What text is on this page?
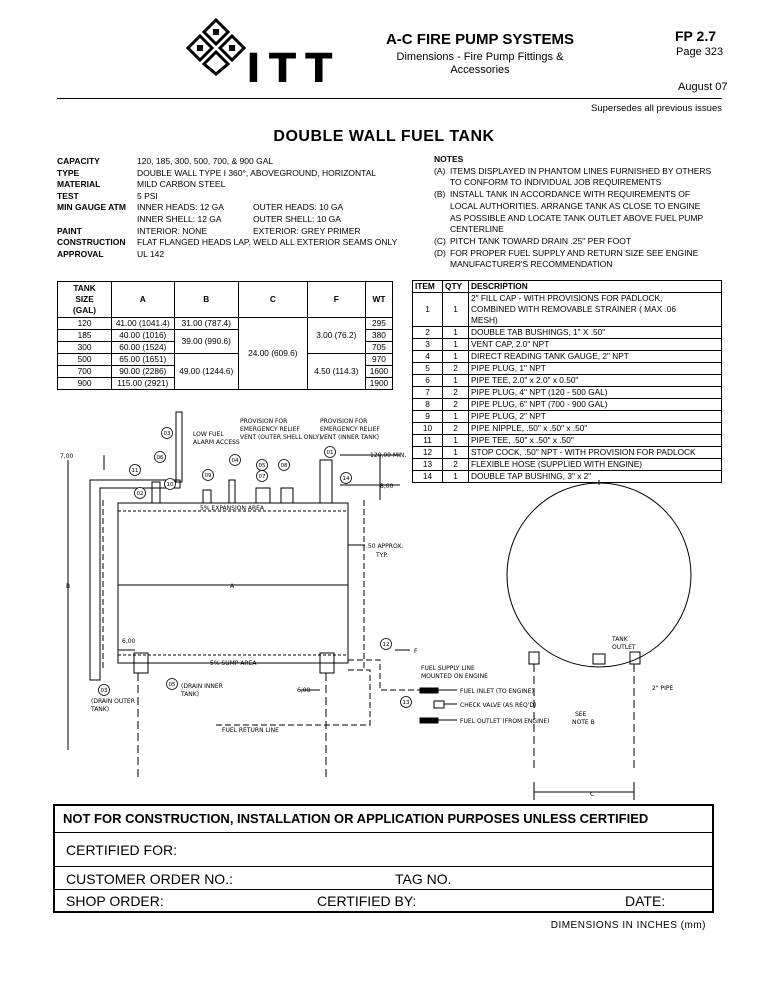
ITT
A-C FIRE PUMP SYSTEMS
Dimensions - Fire Pump Fittings &
Accessories
FP 2.7
Page 323
August 07
Supersedes all previous issues
DOUBLE WALL FUEL TANK
CAPACITY	120, 185, 300, 500, 700, & 900 GAL	
TYPE	DOUBLE WALL TYPE I 360°, ABOVEGROUND, HORIZONTAL	
MATERIAL	MILD CARBON STEEL	
TEST	5 PSI	
MIN GAUGE ATM	INNER HEADS: 12 GA	OUTER HEADS: 10 GA
	INNER SHELL: 12 GA	OUTER SHELL: 10 GA
PAINT	INTERIOR: NONE	EXTERIOR: GREY PRIMER
CONSTRUCTION	FLAT FLANGED HEADS LAP, WELD ALL EXTERIOR SEAMS ONLY	
APPROVAL	UL 142	
NOTES
(A) ITEMS DISPLAYED IN PHANTOM LINES FURNISHED BY OTHERS
TO CONFORM TO INDIVIDUAL JOB REQUIREMENTS
(B) INSTALL TANK IN ACCORDANCE WITH REQUIREMENTS OF
LOCAL AUTHORITIES. ARRANGE TANK AS CLOSE TO ENGINE
AS POSSIBLE AND LOCATE TANK OUTLET ABOVE FUEL PUMP
CENTERLINE
(C) PITCH TANK TOWARD DRAIN .25" PER FOOT
(D) FOR PROPER FUEL SUPPLY AND RETURN SIZE SEE ENGINE
MANUFACTURER'S RECOMMENDATION
TANK
SIZE
(GAL)	A	B	C	F	WT
120	41.00 (1041.4)	31.00 (787.4)	24.00 (609.6)	3.00 (76.2)	295
185	40.00 (1016)	39.00 (990.6)			380
300	60.00 (1524)				705
500	65.00 (1651)	49.00 (1244.6)		4.50 (114.3)	970
700	90.00 (2286)				1600
900	115.00 (2921)				1900
ITEM	QTY	DESCRIPTION
1	1	2" FILL CAP - WITH PROVISIONS FOR PADLOCK,
COMBINED WITH REMOVABLE STRAINER ( MAX .06
MESH)

2	1	DOUBLE TAB BUSHINGS, 1" X .50"

3	1	VENT CAP, 2.0" NPT

4	1	DIRECT READING TANK GAUGE, 2" NPT

5	2	PIPE PLUG, 1" NPT

6	1	PIPE TEE, 2.0" x 2.0" x 0.50"

7	2	PIPE PLUG, 4" NPT (120 - 500 GAL)

8	2	PIPE PLUG, 6" NPT (700 - 900 GAL)

9	1	PIPE PLUG, 2" NPT

10	2	PIPE NIPPLE, .50" x .50" x .50"

11	1	PIPE TEE, .50" x .50" x .50"

12	1	STOP COCK, .50" NPT - WITH PROVISION FOR PADLOCK

13	2	FLEXIBLE HOSE (SUPPLIED WITH ENGINE)

14	1	DOUBLE TAP BUSHING, 3" x 2"
01
02
03
04
05
06
07
08
09
10
11
12
13
14
03
05
7,00	120,00 MIN,
8,00
B	A
6,00
6,00
F
C
.50 APPROX.
TYP.
5% EXPANSION AREA
5% SUMP AREA
LOW FUEL
ALARM ACCESS
PROVISION FOR
EMERGENCY RELIEF
VENT (OUTER SHELL ONLY)
PROVISION FOR
EMERGENCY RELIEF
VENT (INNER TANK)
(DRAIN OUTER
TANK)
(DRAIN INNER
TANK)
FUEL RETURN LINE
FUEL SUPPLY LINE
MOUNTED ON ENGINE
FUEL INLET (TO ENGINE)
CHECK VALVE (AS REQ'D)
FUEL OUTLET (FROM ENGINE)
TANK
OUTLET
2" PIPE
SEE
NOTE B
NOT FOR CONSTRUCTION, INSTALLATION OR APPLICATION PURPOSES UNLESS CERTIFIED
CERTIFIED FOR:
CUSTOMER ORDER NO.:	TAG NO.
SHOP ORDER:	CERTIFIED BY:	DATE:
DIMENSIONS IN INCHES (mm)
